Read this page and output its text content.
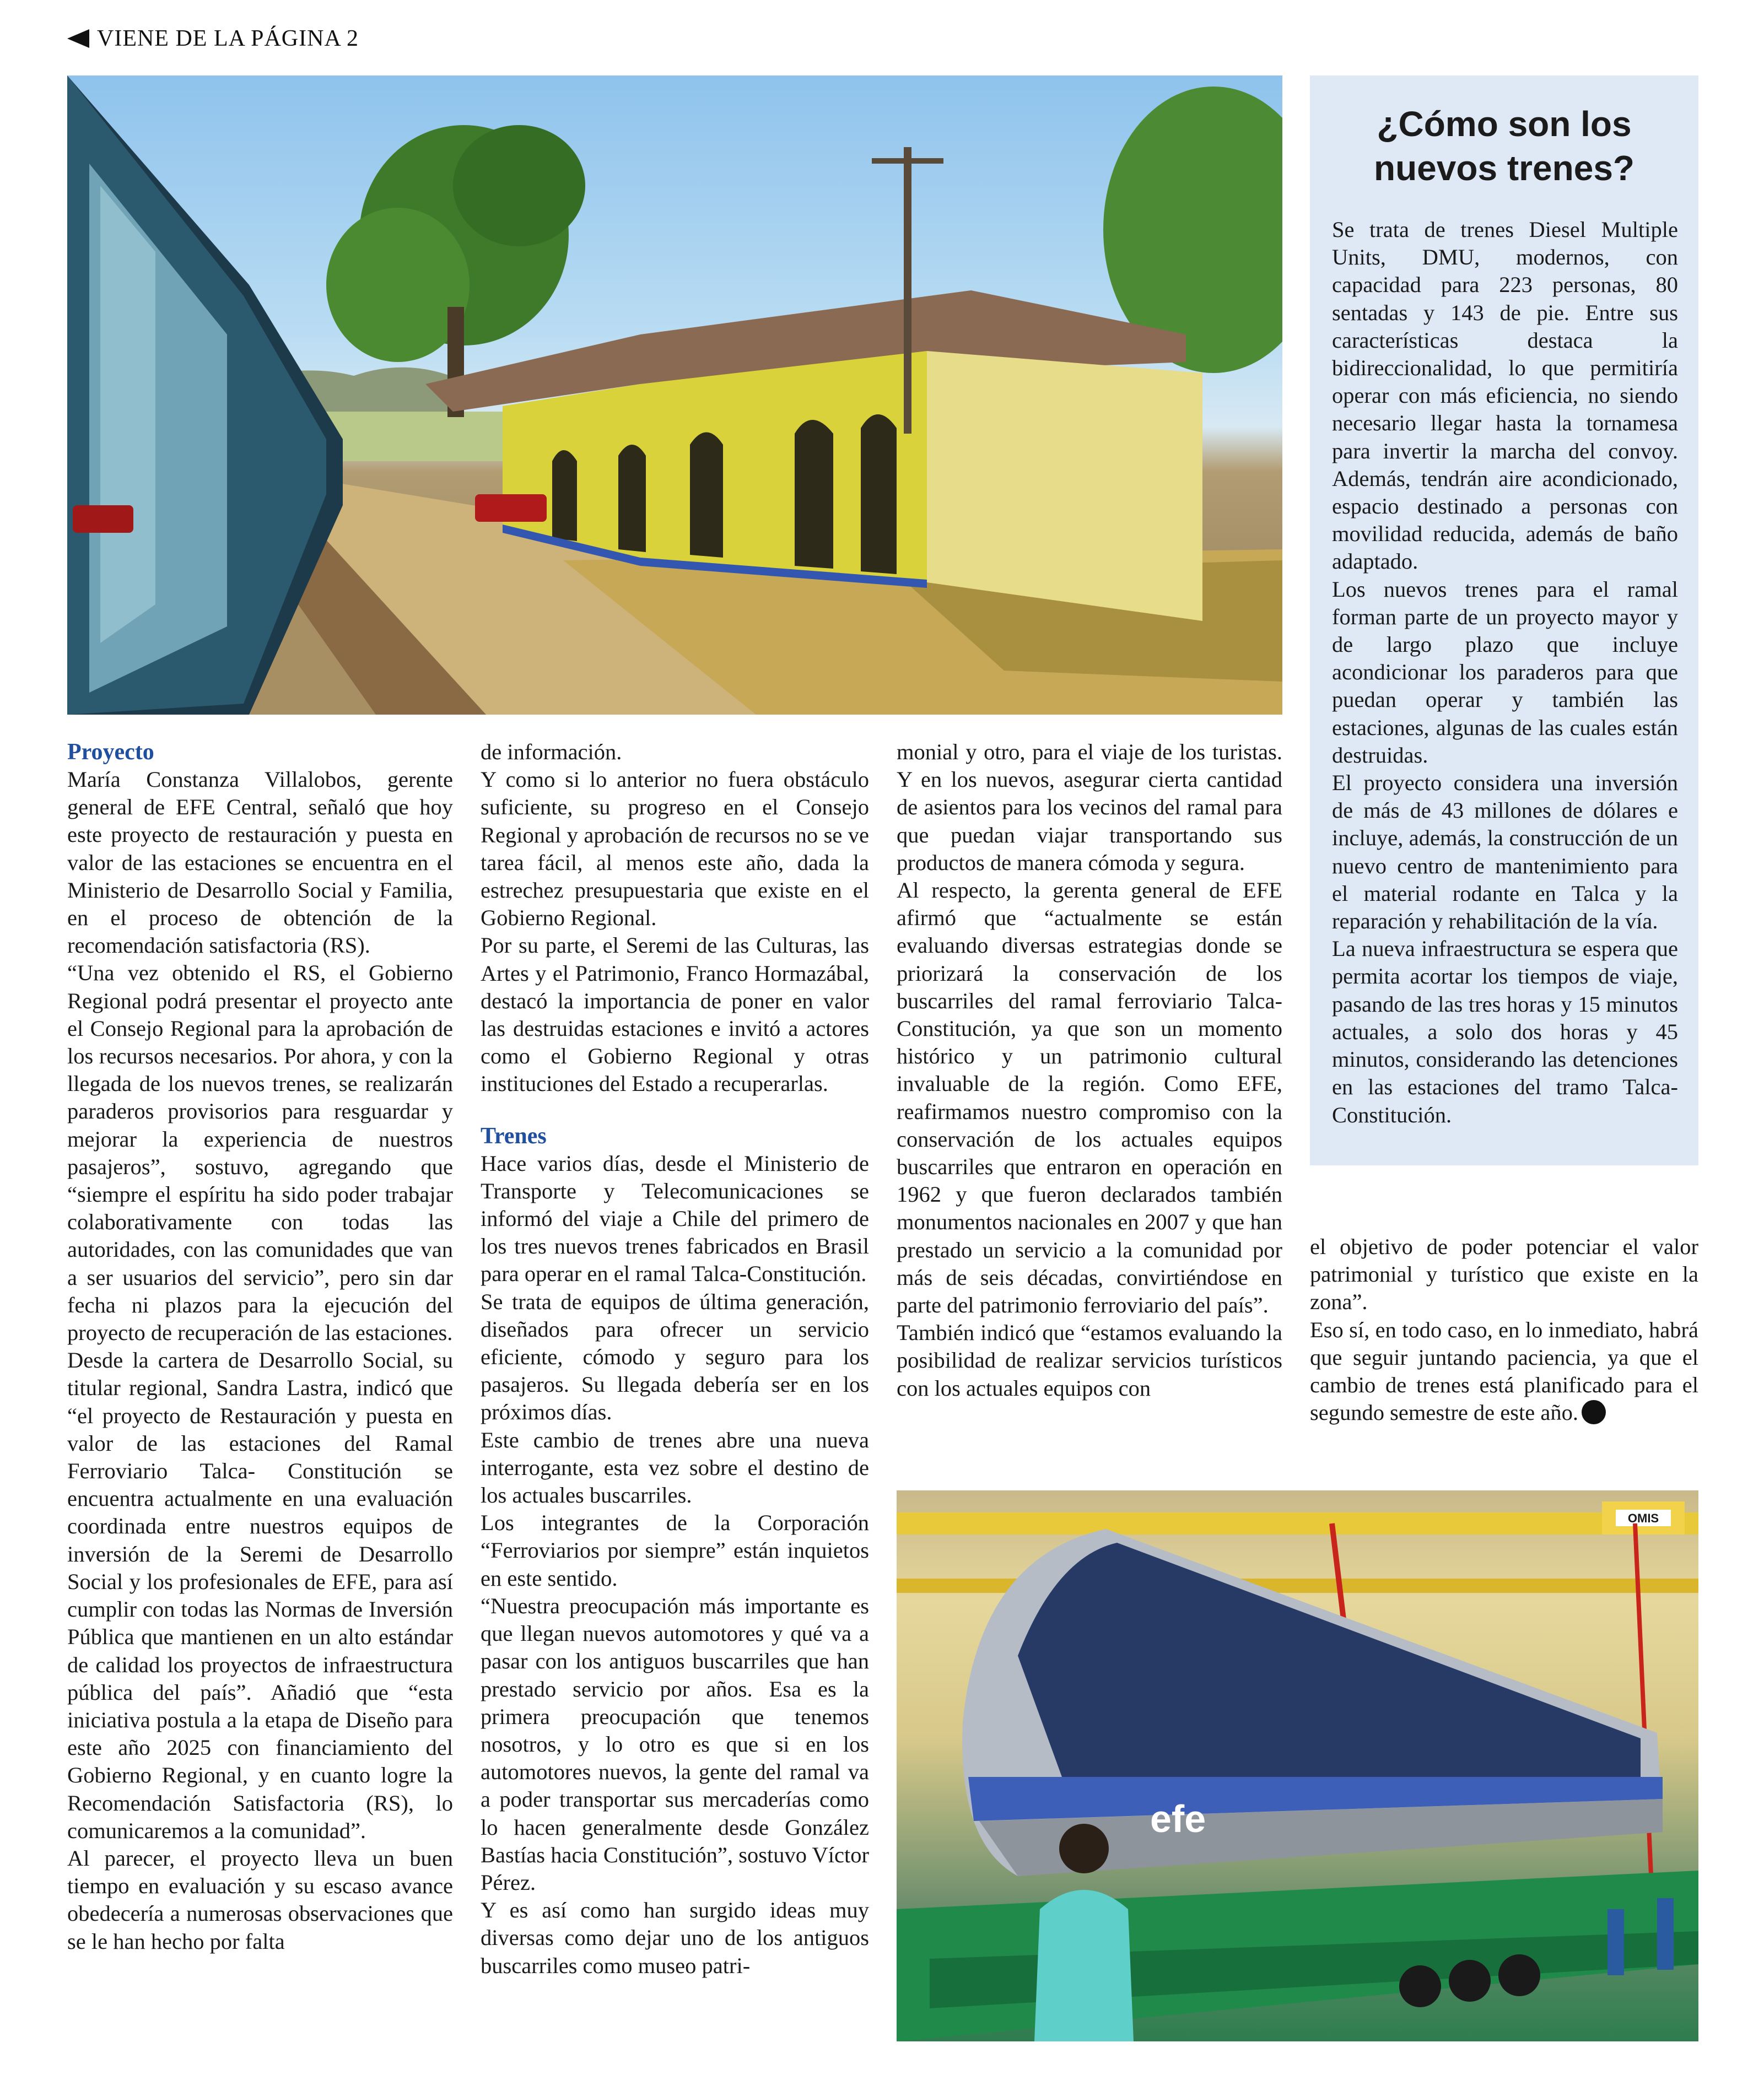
VIENE DE LA PÁGINA 2

Proyecto

María Constanza Villalobos, gerente general de EFE Central, señaló que hoy este proyecto de restauración y puesta en valor de las estaciones se encuentra en el Ministerio de Desarrollo Social y Familia, en el proceso de obtención de la recomendación satisfactoria (RS).

“Una vez obtenido el RS, el Gobierno Regional podrá presentar el proyecto ante el Consejo Regional para la aprobación de los recursos necesarios. Por ahora, y con la llegada de los nuevos trenes, se realizarán paraderos provisorios para resguardar y mejorar la experiencia de nuestros pasajeros”, sostuvo, agregando que “siempre el espíritu ha sido poder trabajar colaborativamente con todas las autoridades, con las comunidades que van a ser usuarios del servicio”, pero sin dar fecha ni plazos para la ejecución del proyecto de recuperación de las estaciones.

Desde la cartera de Desarrollo Social, su titular regional, Sandra Lastra, indicó que “el proyecto de Restauración y puesta en valor de las estaciones del Ramal Ferroviario Talca- Constitución se encuentra actualmente en una evaluación coordinada entre nuestros equipos de inversión de la Seremi de Desarrollo Social y los profesionales de EFE, para así cumplir con todas las Normas de Inversión Pública que mantienen en un alto estándar de calidad los proyectos de infraestructura pública del país”. Añadió que “esta iniciativa postula a la etapa de Diseño para este año 2025 con financiamiento del Gobierno Regional, y en cuanto logre la Recomendación Satisfactoria (RS), lo comunicaremos a la comunidad”.

Al parecer, el proyecto lleva un buen tiempo en evaluación y su escaso avance obedecería a numerosas observaciones que se le han hecho por falta

de información.

Y como si lo anterior no fuera obstáculo suficiente, su progreso en el Consejo Regional y aprobación de recursos no se ve tarea fácil, al menos este año, dada la estrechez presupuestaria que existe en el Gobierno Regional.

Por su parte, el Seremi de las Culturas, las Artes y el Patrimonio, Franco Hormazábal, destacó la importancia de poner en valor las destruidas estaciones e invitó a actores como el Gobierno Regional y otras instituciones del Estado a recuperarlas.

Trenes

Hace varios días, desde el Ministerio de Transporte y Telecomunicaciones se informó del viaje a Chile del primero de los tres nuevos trenes fabricados en Brasil para operar en el ramal Talca-Constitución.

Se trata de equipos de última generación, diseñados para ofrecer un servicio eficiente, cómodo y seguro para los pasajeros. Su llegada debería ser en los próximos días.

Este cambio de trenes abre una nueva interrogante, esta vez sobre el destino de los actuales buscarriles.

Los integrantes de la Corporación “Ferroviarios por siempre” están inquietos en este sentido.

“Nuestra preocupación más importante es que llegan nuevos automotores y qué va a pasar con los antiguos buscarriles que han prestado servicio por años. Esa es la primera preocupación que tenemos nosotros, y lo otro es que si en los automotores nuevos, la gente del ramal va a poder transportar sus mercaderías como lo hacen generalmente desde González Bastías hacia Constitución”, sostuvo Víctor Pérez.

Y es así como han surgido ideas muy diversas como dejar uno de los antiguos buscarriles como museo patri-

monial y otro, para el viaje de los turistas. Y en los nuevos, asegurar cierta cantidad de asientos para los vecinos del ramal para que puedan viajar transportando sus productos de manera cómoda y segura.

Al respecto, la gerenta general de EFE afirmó que “actualmente se están evaluando diversas estrategias donde se priorizará la conservación de los buscarriles del ramal ferroviario Talca-Constitución, ya que son un momento histórico y un patrimonio cultural invaluable de la región. Como EFE, reafirmamos nuestro compromiso con la conservación de los actuales equipos buscarriles que entraron en operación en 1962 y que fueron declarados también monumentos nacionales en 2007 y que han prestado un servicio a la comunidad por más de seis décadas, convirtiéndose en parte del patrimonio ferroviario del país”.

También indicó que “estamos evaluando la posibilidad de realizar servicios turísticos con los actuales equipos con

¿Cómo son los
nuevos trenes?

Se trata de trenes Diesel Multiple Units, DMU, modernos, con capacidad para 223 personas, 80 sentadas y 143 de pie. Entre sus características destaca la bidireccionalidad, lo que permitiría operar con más eficiencia, no siendo necesario llegar hasta la tornamesa para invertir la marcha del convoy. Además, tendrán aire acondicionado, espacio destinado a personas con movilidad reducida, además de baño adaptado.

Los nuevos trenes para el ramal forman parte de un proyecto mayor y de largo plazo que incluye acondicionar los paraderos para que puedan operar y también las estaciones, algunas de las cuales están destruidas.

El proyecto considera una inversión de más de 43 millones de dólares e incluye, además, la construcción de un nuevo centro de mantenimiento para el material rodante en Talca y la reparación y rehabilitación de la vía.

La nueva infraestructura se espera que permita acortar los tiempos de viaje, pasando de las tres horas y 15 minutos actuales, a solo dos horas y 45 minutos, considerando las detenciones en las estaciones del tramo Talca-Constitución.

el objetivo de poder potenciar el valor patrimonial y turístico que existe en la zona”.

Eso sí, en todo caso, en lo inmediato, habrá que seguir juntando paciencia, ya que el cambio de trenes está planificado para el segundo semestre de este año.

OMIS
efe
